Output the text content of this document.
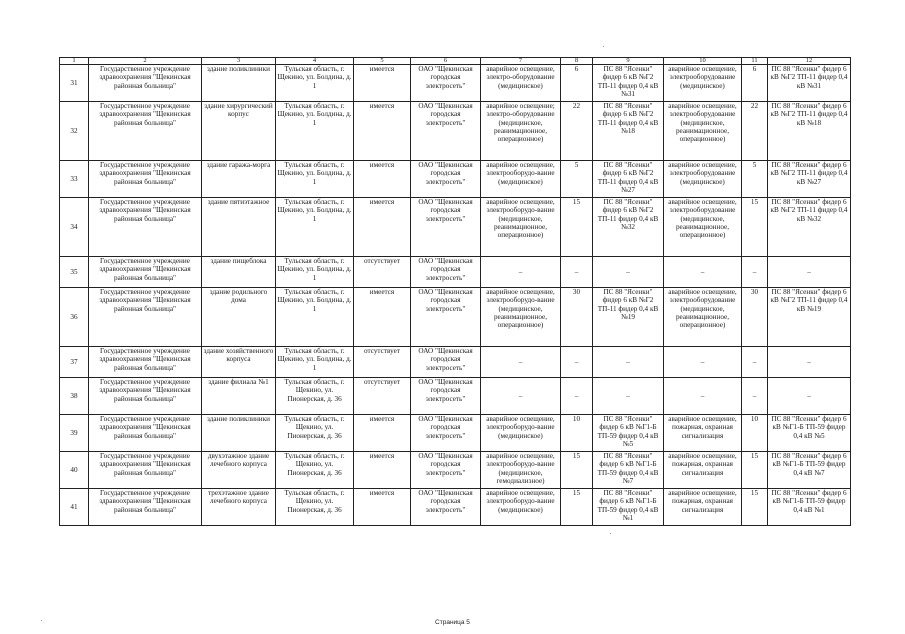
1	2	3	4	5	6	7	8	9	10	11	12
31	Государственное учреждение здравоохранения "Щекинская районная больница"	здание поликлиники	Тульская область, г. Щекино, ул. Болдина, д. 1	имеется	ОАО "Щекинская городская электросеть"	аварийное освещение, электро-оборудование (медицинское)	6	ПС 88 "Ясенки" фидер 6 кВ №Г2 ТП-11 фидер 0,4 кВ №31	аварийное освещение, электрооборудование (медицинское)	6	ПС 88 "Ясенки" фидер 6 кВ №Г2 ТП-11 фидер 0,4 кВ №31
32	Государственное учреждение здравоохранения "Щекинская районная больница"	здание хирургический корпус	Тульская область, г. Щекино, ул. Болдина, д. 1	имеется	ОАО "Щекинская городская электросеть"	аварийное освещение; электро-оборудование (медицинское, реанимационное, операционное)	22	ПС 88 "Ясенки" фидер 6 кВ №Г2 ТП-11 фидер 0,4 кВ №18	аварийное освещение, электрооборудование (медицинское, реанимационное, операционное)	22	ПС 88 "Ясенки" фидер 6 кВ №Г2 ТП-11 фидер 0,4 кВ №18
33	Государственное учреждение здравоохранения "Щекинская районная больница"	здание гаража-морга	Тульская область, г. Щекино, ул. Болдина, д. 1	имеется	ОАО "Щекинская городская электросеть"	аварийное освещение, электрооборудо-вание (медицинское)	5	ПС 88 "Ясенки" фидер 6 кВ №Г2 ТП-11 фидер 0,4 кВ №27	аварийное освещение, электрооборудование (медицинское)	5	ПС 88 "Ясенки" фидер 6 кВ №Г2 ТП-11 фидер 0,4 кВ №27
34	Государственное учреждение здравоохранения "Щекинская районная больница"	здание пятиэтажное	Тульская область, г. Щекино, ул. Болдина, д. 1	имеется	ОАО "Щекинская городская электросеть"	аварийное освещение, электрооборудо-вание (медицинское, реанимационное, операционное)	15	ПС 88 "Ясенки" фидер 6 кВ №Г2 ТП-11 фидер 0,4 кВ №32	аварийное освещение, электрооборудование (медицинское, реанимационное, операционное)	15	ПС 88 "Ясенки" фидер 6 кВ №Г2 ТП-11 фидер 0,4 кВ №32
35	Государственное учреждение здравоохранения "Щекинская районная больница"	здание пищеблока	Тульская область, г. Щекино, ул. Болдина, д. 1	отсутствует	ОАО "Щекинская городская электросеть"	–	–	–	–	–	–
36	Государственное учреждение здравоохранения "Щекинская районная больница"	здание родильного дома	Тульская область, г. Щекино, ул. Болдина, д. 1	имеется	ОАО "Щекинская городская электросеть"	аварийное освещение, электрооборудо-вание (медицинское, реанимационное, операционное)	30	ПС 88 "Ясенки" фидер 6 кВ №Г2 ТП-11 фидер 0,4 кВ №19	аварийное освещение, электрооборудование (медицинское, реанимационное, операционное)	30	ПС 88 "Ясенки" фидер 6 кВ №Г2 ТП-11 фидер 0,4 кВ №19
37	Государственное учреждение здравоохранения "Щекинская районная больница"	здание хозяйственного корпуса	Тульская область, г. Щекино, ул. Болдина, д. 1	отсутствует	ОАО "Щекинская городская электросеть"	–	–	–	–	–	–
38	Государственное учреждение здравоохранения "Щекинская районная больница"	здание филиала №1	Тульская область, г. Щекино, ул. Пионерская, д. 36	отсутствует	ОАО "Щекинская городская электросеть"	–	–	–	–	–	–
39	Государственное учреждение здравоохранения "Щекинская районная больница"	здание поликлиники	Тульская область, г. Щекино, ул. Пионерская, д. 36	имеется	ОАО "Щекинская городская электросеть"	аварийное освещение, электрооборудо-вание (медицинское)	10	ПС 88 "Ясенки" фидер 6 кВ №Г1-Б ТП-59 фидер 0,4 кВ №5	аварийное освещение, пожарная, охранная сигнализация	10	ПС 88 "Ясенки" фидер 6 кВ №Г1-Б ТП-59 фидер 0,4 кВ №5
40	Государственное учреждение здравоохранения "Щекинская районная больница"	двухэтажное здание лечебного корпуса	Тульская область, г. Щекино, ул. Пионерская, д. 36	имеется	ОАО "Щекинская городская электросеть"	аварийное освещение, электрооборудо-вание (медицинское, гемодиализное)	15	ПС 88 "Ясенки" фидер 6 кВ №Г1-Б ТП-59 фидер 0,4 кВ №7	аварийное освещение, пожарная, охранная сигнализация	15	ПС 88 "Ясенки" фидер 6 кВ №Г1-Б ТП-59 фидер 0,4 кВ №7
41	Государственное учреждение здравоохранения "Щекинская районная больница"	трехэтажное здание лечебного корпуса	Тульская область, г. Щекино, ул. Пионерская, д. 36	имеется	ОАО "Щекинская городская электросеть"	аварийное освещение, электрооборудо-вание (медицинское)	15	ПС 88 "Ясенки" фидер 6 кВ №Г1-Б ТП-59 фидер 0,4 кВ №1	аварийное освещение, пожарная, охранная сигнализация	15	ПС 88 "Ясенки" фидер 6 кВ №Г1-Б ТП-59 фидер 0,4 кВ №1
Страница 5
